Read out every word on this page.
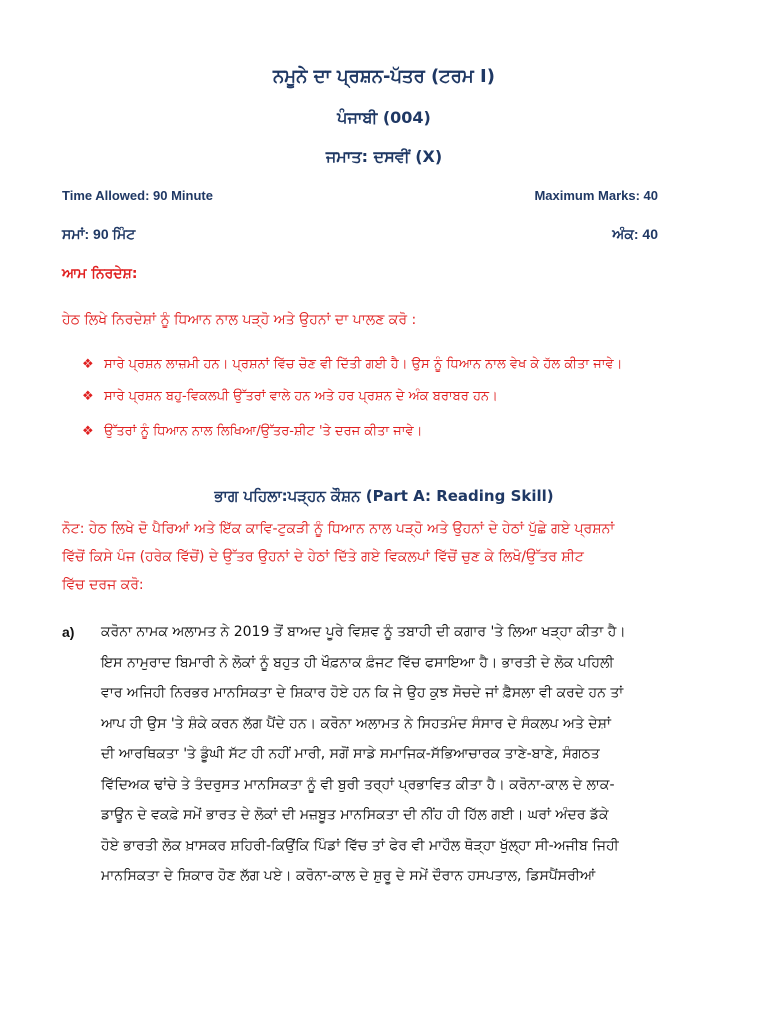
ਨਮੂਨੇ ਦਾ ਪ੍ਰਸ਼ਨ-ਪੱਤਰ (ਟਰਮ I)
ਪੰਜਾਬੀ (004)
ਜਮਾਤ: ਦਸਵੀਂ (X)
Time Allowed: 90 Minute	Maximum Marks: 40
ਸਮਾਂ: 90 ਮਿੰਟ	ਅੰਕ: 40
ਆਮ ਨਿਰਦੇਸ਼:
ਹੇਠ ਲਿਖੇ ਨਿਰਦੇਸ਼ਾਂ ਨੂੰ ਧਿਆਨ ਨਾਲ ਪੜ੍ਹੋ ਅਤੇ ਉਹਨਾਂ ਦਾ ਪਾਲਣ ਕਰੋ :
❖ ਸਾਰੇ ਪ੍ਰਸ਼ਨ ਲਾਜ਼ਮੀ ਹਨ। ਪ੍ਰਸ਼ਨਾਂ ਵਿੱਚ ਚੋਣ ਵੀ ਦਿੱਤੀ ਗਈ ਹੈ। ਉਸ ਨੂੰ ਧਿਆਨ ਨਾਲ ਵੇਖ ਕੇ ਹੱਲ ਕੀਤਾ ਜਾਵੇ।
❖ ਸਾਰੇ ਪ੍ਰਸ਼ਨ ਬਹੁ-ਵਿਕਲਪੀ ਉੱਤਰਾਂ ਵਾਲੇ ਹਨ ਅਤੇ ਹਰ ਪ੍ਰਸ਼ਨ ਦੇ ਅੰਕ ਬਰਾਬਰ ਹਨ।
❖ ਉੱਤਰਾਂ ਨੂੰ ਧਿਆਨ ਨਾਲ ਲਿਖਿਆ/ਉੱਤਰ-ਸ਼ੀਟ 'ਤੇ ਦਰਜ ਕੀਤਾ ਜਾਵੇ।
ਭਾਗ ਪਹਿਲਾ:ਪੜ੍ਹਨ ਕੌਸ਼ਨ (Part A: Reading Skill)
ਨੋਟ: ਹੇਠ ਲਿਖੇ ਦੋ ਪੈਰਿਆਂ ਅਤੇ ਇੱਕ ਕਾਵਿ-ਟੁਕੜੀ ਨੂੰ ਧਿਆਨ ਨਾਲ ਪੜ੍ਹੋ ਅਤੇ ਉਹਨਾਂ ਦੇ ਹੇਠਾਂ ਪੁੱਛੇ ਗਏ ਪ੍ਰਸ਼ਨਾਂ
ਵਿੱਚੋਂ ਕਿਸੇ ਪੰਜ (ਹਰੇਕ ਵਿੱਚੋਂ) ਦੇ ਉੱਤਰ ਉਹਨਾਂ ਦੇ ਹੇਠਾਂ ਦਿੱਤੇ ਗਏ ਵਿਕਲਪਾਂ ਵਿੱਚੋਂ ਚੁਣ ਕੇ ਲਿਖੋ/ਉੱਤਰ ਸ਼ੀਟ
ਵਿੱਚ ਦਰਜ ਕਰੋ:
a) ਕਰੋਨਾ ਨਾਮਕ ਅਲਾਮਤ ਨੇ 2019 ਤੋਂ ਬਾਅਦ ਪੂਰੇ ਵਿਸ਼ਵ ਨੂੰ ਤਬਾਹੀ ਦੀ ਕਗਾਰ 'ਤੇ ਲਿਆ ਖੜ੍ਹਾ ਕੀਤਾ ਹੈ।
ਇਸ ਨਾਮੁਰਾਦ ਬਿਮਾਰੀ ਨੇ ਲੋਕਾਂ ਨੂੰ ਬਹੁਤ ਹੀ ਖੌਫ਼ਨਾਕ ਫ਼ੰਜਟ ਵਿੱਚ ਫਸਾਇਆ ਹੈ। ਭਾਰਤੀ ਦੇ ਲੋਕ ਪਹਿਲੀ
ਵਾਰ ਅਜਿਹੀ ਨਿਰਭਰ ਮਾਨਸਿਕਤਾ ਦੇ ਸ਼ਿਕਾਰ ਹੋਏ ਹਨ ਕਿ ਜੇ ਉਹ ਕੁਝ ਸੋਚਦੇ ਜਾਂ ਫ਼ੈਸਲਾ ਵੀ ਕਰਦੇ ਹਨ ਤਾਂ
ਆਪ ਹੀ ਉਸ 'ਤੇ ਸ਼ੰਕੇ ਕਰਨ ਲੱਗ ਪੈਂਦੇ ਹਨ। ਕਰੋਨਾ ਅਲਾਮਤ ਨੇ ਸਿਹਤਮੰਦ ਸੰਸਾਰ ਦੇ ਸੰਕਲਪ ਅਤੇ ਦੇਸ਼ਾਂ
ਦੀ ਆਰਥਿਕਤਾ 'ਤੇ ਡੂੰਘੀ ਸੱਟ ਹੀ ਨਹੀਂ ਮਾਰੀ, ਸਗੋਂ ਸਾਡੇ ਸਮਾਜਿਕ-ਸੱਭਿਆਚਾਰਕ ਤਾਣੇ-ਬਾਣੇ, ਸੰਗਠਤ
ਵਿੱਦਿਅਕ ਢਾਂਚੇ ਤੇ ਤੰਦਰੁਸਤ ਮਾਨਸਿਕਤਾ ਨੂੰ ਵੀ ਬੁਰੀ ਤਰ੍ਹਾਂ ਪ੍ਰਭਾਵਿਤ ਕੀਤਾ ਹੈ। ਕਰੋਨਾ-ਕਾਲ ਦੇ ਲਾਕ-
ਡਾਊਨ ਦੇ ਵਕਫ਼ੇ ਸਮੇਂ ਭਾਰਤ ਦੇ ਲੋਕਾਂ ਦੀ ਮਜ਼ਬੂਤ ਮਾਨਸਿਕਤਾ ਦੀ ਨੀਂਹ ਹੀ ਹਿੱਲ ਗਈ। ਘਰਾਂ ਅੰਦਰ ਡੱਕੇ
ਹੋਏ ਭਾਰਤੀ ਲੋਕ ਖ਼ਾਸਕਰ ਸ਼ਹਿਰੀ-ਕਿਉਂਕਿ ਪਿੰਡਾਂ ਵਿੱਚ ਤਾਂ ਫੇਰ ਵੀ ਮਾਹੌਲ ਥੋੜ੍ਹਾ ਖੁੱਲ੍ਹਾ ਸੀ-ਅਜੀਬ ਜਿਹੀ
ਮਾਨਸਿਕਤਾ ਦੇ ਸ਼ਿਕਾਰ ਹੋਣ ਲੱਗ ਪਏ। ਕਰੋਨਾ-ਕਾਲ ਦੇ ਸ਼ੁਰੂ ਦੇ ਸਮੇਂ ਦੌਰਾਨ ਹਸਪਤਾਲ, ਡਿਸਪੈਂਸਰੀਆਂ
